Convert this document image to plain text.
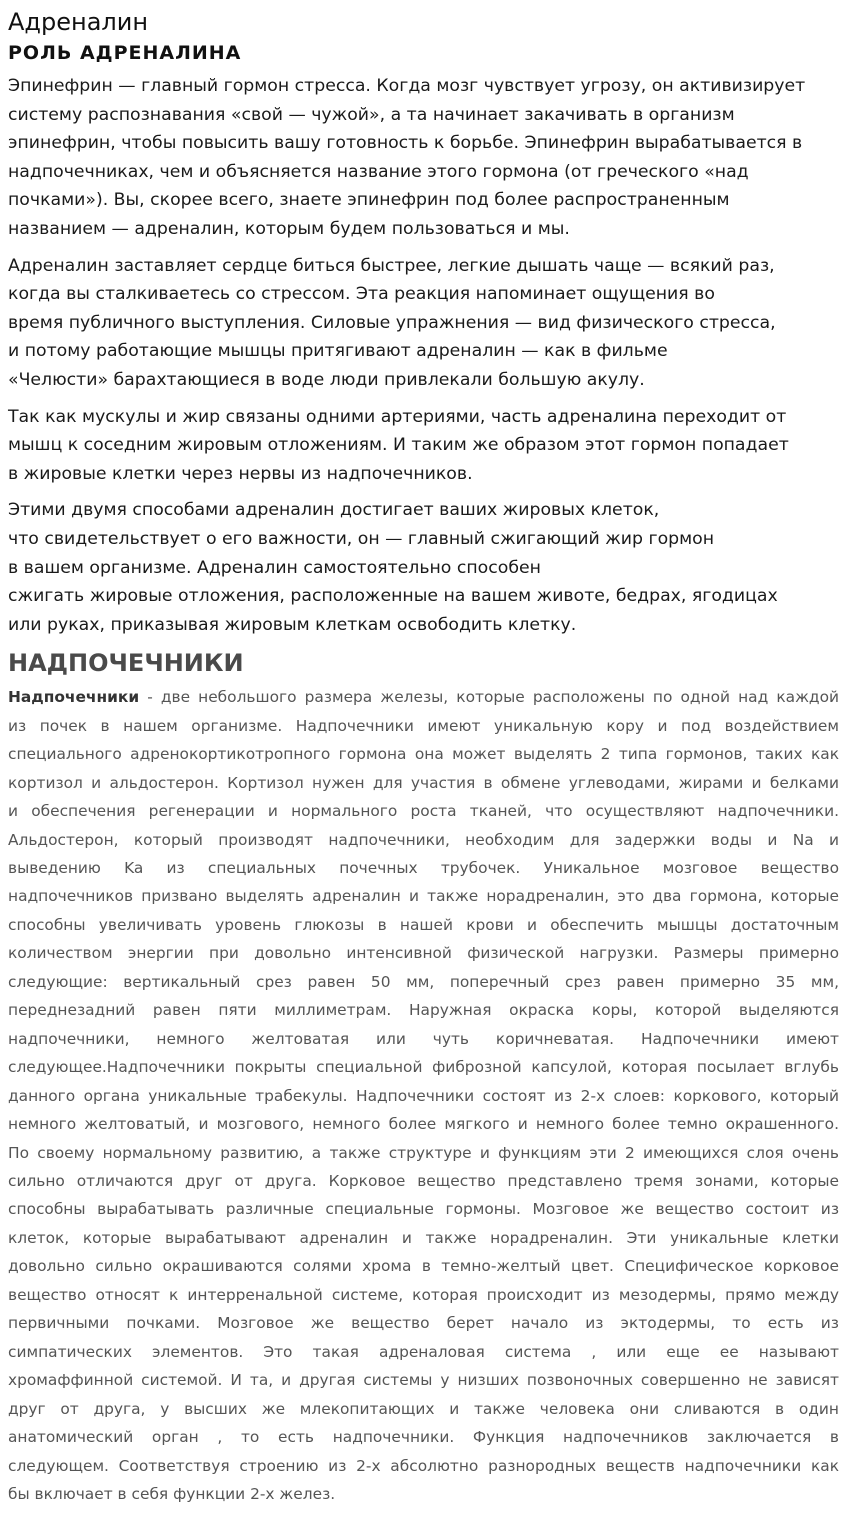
Адреналин
РОЛЬ АДРЕНАЛИНА

Эпинефрин — главный гормон стресса. Когда мозг чувствует угрозу, он активизирует
систему распознавания «свой — чужой», а та начинает закачивать в организм
эпинефрин, чтобы повысить вашу готовность к борьбе. Эпинефрин вырабатывается в
надпочечниках, чем и объясняется название этого гормона (от греческого «над
почками»). Вы, скорее всего, знаете эпинефрин под более распространенным
названием — адреналин, которым будем пользоваться и мы.

Адреналин заставляет сердце биться быстрее, легкие дышать чаще — всякий раз,
когда вы сталкиваетесь со стрессом. Эта реакция напоминает ощущения во
время публичного выступления. Силовые упражнения — вид физического стресса,
и потому работающие мышцы притягивают адреналин — как в фильме
«Челюсти» барахтающиеся в воде люди привлекали большую акулу.

Так как мускулы и жир связаны одними артериями, часть адреналина переходит от
мышц к соседним жировым отложениям. И таким же образом этот гормон попадает
в жировые клетки через нервы из надпочечников.

Этими двумя способами адреналин достигает ваших жировых клеток,
что свидетельствует о его важности, он — главный сжигающий жир гормон
в вашем организме. Адреналин самостоятельно способен
сжигать жировые отложения, расположенные на вашем животе, бедрах, ягодицах
или руках, приказывая жировым клеткам освободить клетку.

НАДПОЧЕЧНИКИ
Надпочечники - две небольшого размера железы, которые расположены по одной над каждой
из почек в нашем организме. Надпочечники имеют уникальную кору и под воздействием
специального адренокортикотропного гормона она может выделять 2 типа гормонов, таких как
кортизол и альдостерон. Кортизол нужен для участия в обмене углеводами, жирами и белками
и обеспечения регенерации и нормального роста тканей, что осуществляют надпочечники.
Альдостерон, который производят надпочечники, необходим для задержки воды и Na и
выведению Ka из специальных почечных трубочек. Уникальное мозговое вещество
надпочечников призвано выделять адреналин и также норадреналин, это два гормона, которые
способны увеличивать уровень глюкозы в нашей крови и обеспечить мышцы достаточным
количеством энергии при довольно интенсивной физической нагрузки. Размеры примерно
следующие: вертикальный срез равен 50 мм, поперечный срез равен примерно 35 мм,
переднезадний равен пяти миллиметрам. Наружная окраска коры, которой выделяются
надпочечники, немного желтоватая или чуть коричневатая. Надпочечники имеют
следующее.Надпочечники покрыты специальной фиброзной капсулой, которая посылает вглубь
данного органа уникальные трабекулы. Надпочечники состоят из 2-х слоев: коркового, который
немного желтоватый, и мозгового, немного более мягкого и немного более темно окрашенного.
По своему нормальному развитию, а также структуре и функциям эти 2 имеющихся слоя очень
сильно отличаются друг от друга. Корковое вещество представлено тремя зонами, которые
способны вырабатывать различные специальные гормоны. Мозговое же вещество состоит из
клеток, которые вырабатывают адреналин и также норадреналин. Эти уникальные клетки
довольно сильно окрашиваются солями хрома в темно-желтый цвет. Специфическое корковое
вещество относят к интерренальной системе, которая происходит из мезодермы, прямо между
первичными почками. Мозговое же вещество берет начало из эктодермы, то есть из
симпатических элементов. Это такая адреналовая система , или еще ее называют
хромаффинной системой. И та, и другая системы у низших позвоночных совершенно не зависят
друг от друга, у высших же млекопитающих и также человека они сливаются в один
анатомический орган , то есть надпочечники. Функция надпочечников заключается в
следующем. Соответствуя строению из 2-х абсолютно разнородных веществ надпочечники как
бы включает в себя функции 2-х желез.
